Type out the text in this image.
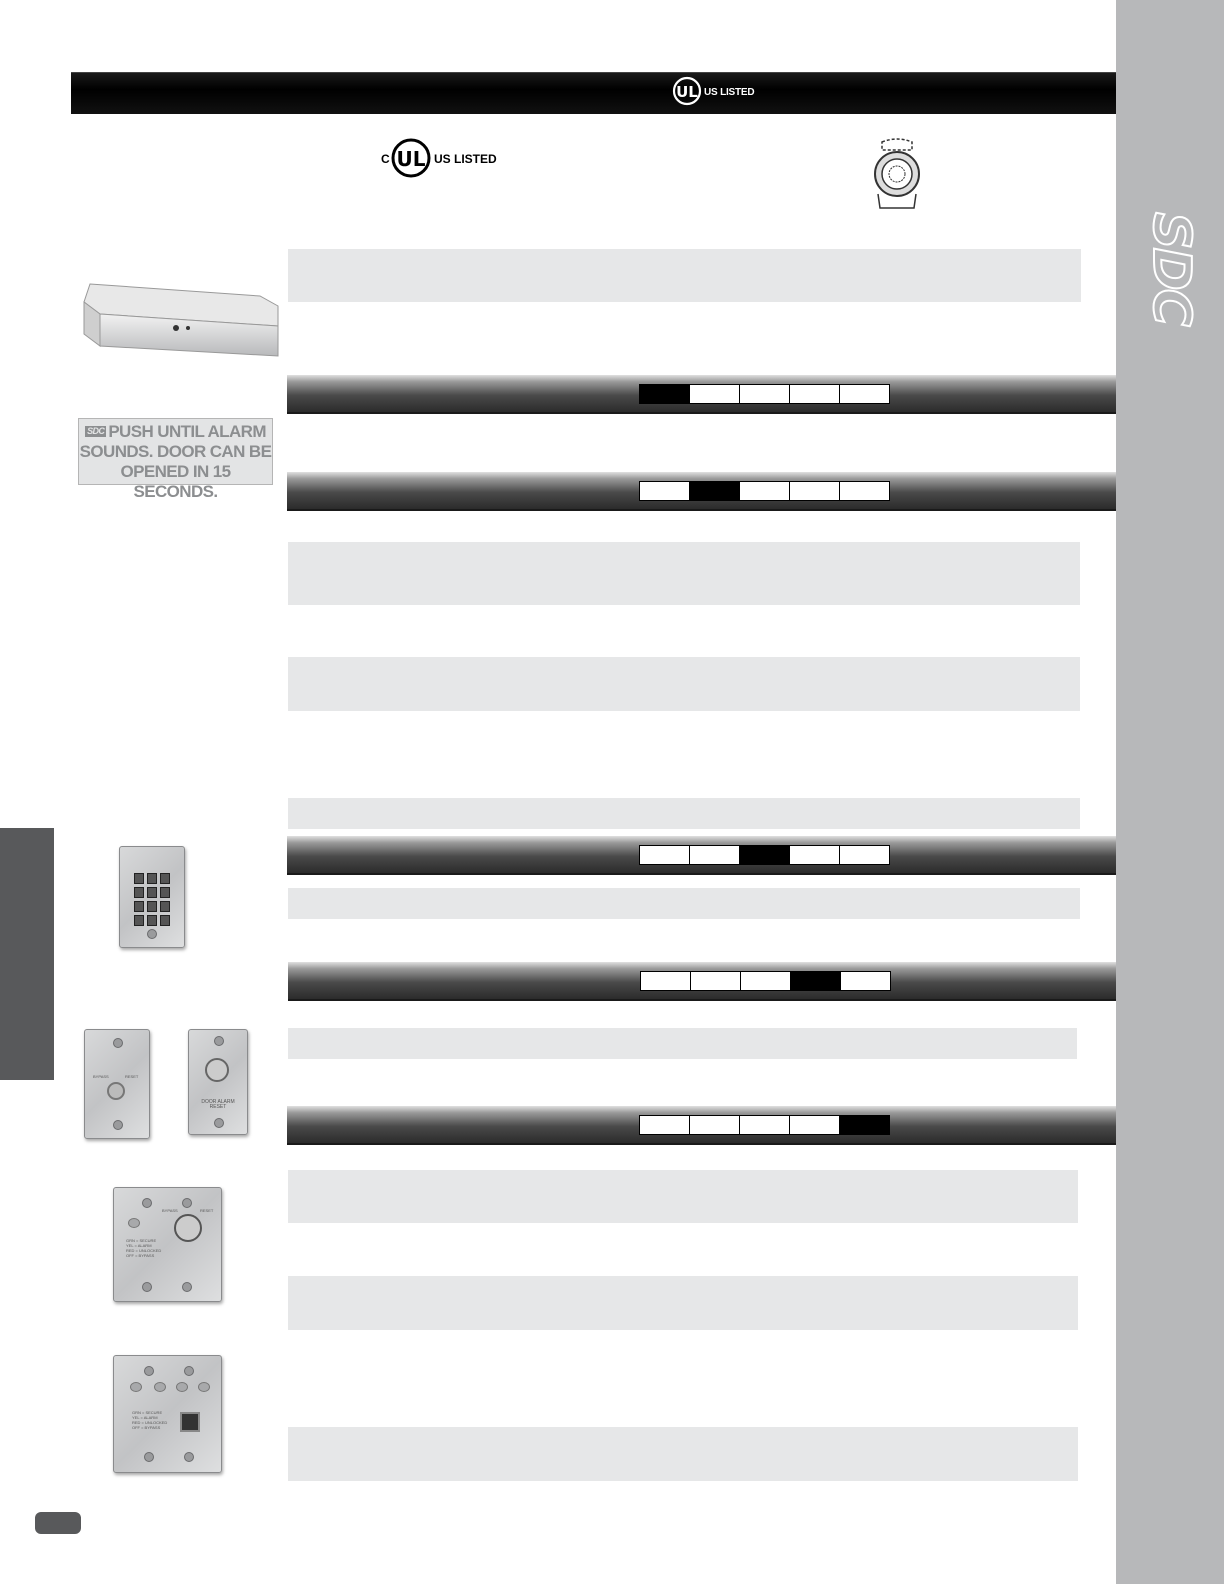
SDC
UL US LISTED
C UL US LISTED
SDC PUSH UNTIL ALARM
SOUNDS. DOOR CAN BE
OPENED IN 15 SECONDS.
BYPASS	RESET
DOOR ALARM RESET
BYPASS	RESET
GRN = SECURE
YEL = ALARM
RED = UNLOCKED
OFF = BYPASS
GRN = SECURE
YEL = ALARM
RED = UNLOCKED
OFF = BYPASS
